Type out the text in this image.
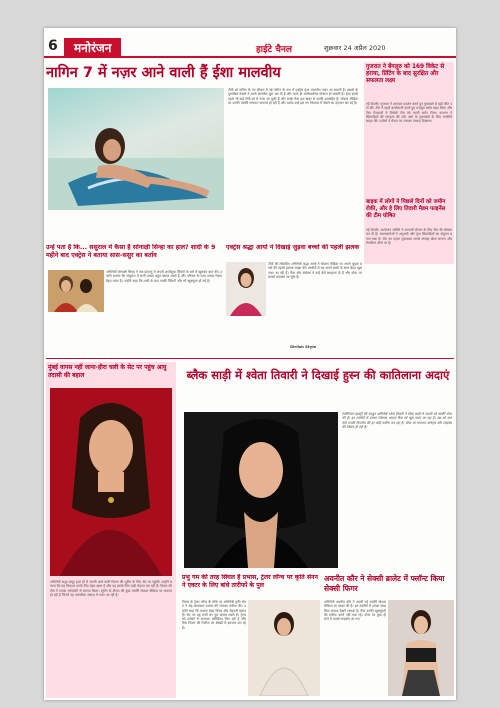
6	मनोरंजन	हाईटे चैनल	शुक्रवार 24 अप्रैल 2020
नागिन 7 में नज़र आने वाली हैं ईशा मालवीय
टीवी शो नागिन के नए सीज़न में नई नागिन के रूप में एक्ट्रेस ईशा मालवीय नज़र आ सकती हैं। खबरों के मुताबिक मेकर्स ने उनसे बातचीत शुरू कर दी है और जल्द ही आधिकारिक घोषणा हो सकती है। ईशा इससे पहले भी कई टीवी शो में नज़र आ चुकी हैं और उनके फैंस इस खबर से काफी उत्साहित हैं। सोशल मीडिया पर उनकी तस्वीरें लगातार वायरल हो रही हैं और दर्शक उन्हें इस नए किरदार में देखने का इंतज़ार कर रहे हैं।
गुजरात ने बेंगलुरु को 169 विकेट से हराया, प्रिंटिंग के बाद सुरक्षित और सफलता लक्ष्य
नई दिल्ली। गुजरात ने शानदार प्रदर्शन करते हुए मुकाबले में बड़ी जीत दर्ज की। टीम ने पहले बल्लेबाजी करते हुए मजबूत स्कोर खड़ा किया और फिर गेंदबाजों ने विरोधी टीम को जल्दी समेट दिया। कप्तान ने खिलाड़ियों की सराहना की और आगे के मुकाबलों के लिए रणनीति साझा की। दर्शकों ने मैदान पर जमकर उत्साह दिखाया।
बाइक में लोगों ने पिछले दिनों को जमीन रोकी, और हे लिए तिवारी मैडम फाइनेंस की टीम घोषित
नई दिल्ली। आयोजन समिति ने आगामी सीजन के लिए टीम की घोषणा कर दी है। चयनकर्ताओं ने अनुभवी और युवा खिलाड़ियों का संतुलन बनाए रखा है। टीम का पहला मुकाबला अगले सप्ताह खेला जाएगा और तैयारियां ज़ोरों पर हैं।
उन्हें पता है कि... ससुराल में कैसा है सोनाक्षी सिन्हा का हाल? शादी के 9 महीने बाद एक्ट्रेस ने बताया सास-ससुर का बर्ताव
अभिनेत्री सोनाक्षी सिन्हा ने एक इंटरव्यू में अपनी शादीशुदा ज़िंदगी के बारे में खुलकर बात की। उन्होंने बताया कि ससुराल में सभी उनका बहुत ख्याल रखते हैं और परिवार के साथ उनका रिश्ता बेहद प्यारा है। उन्होंने कहा कि शादी के बाद उनकी ज़िंदगी और भी खूबसूरत हो गई है।
एक्ट्रेस श्रद्धा आर्या ने दिखाई जुड़वा बच्चों की पहली झलक
टीवी की लोकप्रिय अभिनेत्री श्रद्धा आर्या ने सोशल मीडिया पर अपने जुड़वा बच्चों की पहली झलक साझा की। तस्वीरों में वह अपने बच्चों के साथ बेहद खुश नज़र आ रही हैं। फैंस और सेलेब्स ने उन्हें ढेरों बधाइयां दी हैं और पोस्ट पर लाखों लाइक्स आ चुके हैं।
Girlish Style
मुंबई वापस नहीं जाना-हीरा चली के सेट पर पहुंच आयु तदासी की बहाल
अभिनेत्री श्रद्धा कपूर हाल ही में अपनी आने वाली फिल्म की शूटिंग के लिए सेट पर पहुंचीं। उन्होंने बताया कि यह किरदार उनके लिए बेहद खास है और वह इसके लिए कड़ी मेहनत कर रही हैं। फिल्म की टीम ने उनका गर्मजोशी से स्वागत किया। शूटिंग के दौरान की कुछ तस्वीरें सोशल मीडिया पर वायरल हो रही हैं जिनमें वह पारंपरिक अंदाज़ में नज़र आ रही हैं।
ब्लैक साड़ी में श्वेता तिवारी ने दिखाई हुस्न की कातिलाना अदाएं
टेलीविजन इंडस्ट्री की मशहूर अभिनेत्री श्वेता तिवारी ने ब्लैक साड़ी में अपनी नई तस्वीरें शेयर की हैं। इन तस्वीरों में उनका ग्लैमरस अंदाज़ फैंस को खूब पसंद आ रहा है। उम्र को मात देती उनकी फिटनेस की हर कोई तारीफ कर रहा है। पोस्ट पर लगातार कमेंट्स और लाइक्स की बौछार हो रही है।
प्रभु गम की तरह सिंघल है प्रभास, ट्रेलर लॉन्च पर कृति सेनन ने एक्टर के लिए बांधे तारीफों के पुल
फिल्म के ट्रेलर लॉन्च के मौके पर अभिनेत्री कृति सेनन ने सह-कलाकार प्रभास की जमकर तारीफ की। उन्होंने कहा कि प्रभास बेहद विनम्र और मेहनती इंसान हैं। सेट पर वह सभी का पूरा ख्याल रखते हैं। ट्रेलर को दर्शकों से शानदार प्रतिक्रिया मिल रही है और फैंस फिल्म की रिलीज़ का बेसब्री से इंतज़ार कर रहे हैं।
अवनीत कौर ने सेक्सी ब्रालेट में फ्लॉन्ट किया सेक्सी फिगर
अभिनेत्री अवनीत कौर ने अपनी नई तस्वीरें सोशल मीडिया पर साझा की हैं। इन तस्वीरों में उनका स्टाइलिश अंदाज़ देखने लायक है। फैंस उनकी खूबसूरती की तारीफ करते नहीं थक रहे। पोस्ट पर कुछ ही घंटों में लाखों लाइक्स आ गए।
